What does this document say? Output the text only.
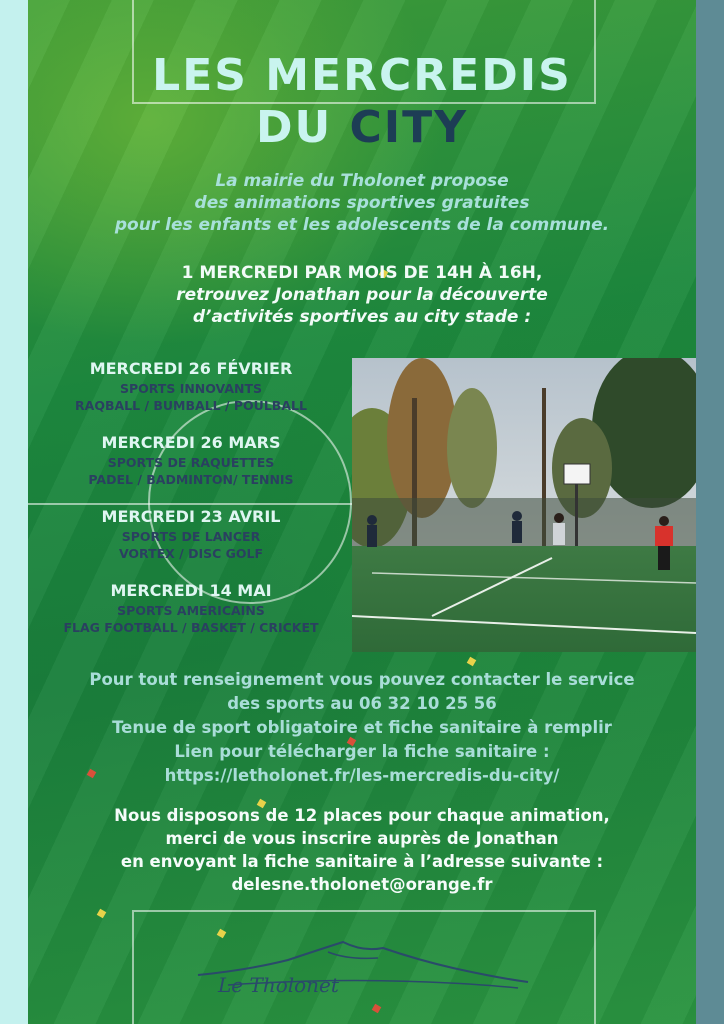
LES MERCREDIS
DU CITY
La mairie du Tholonet propose
des animations sportives gratuites
pour les enfants et les adolescents de la commune.
1 MERCREDI PAR MOIS DE 14H À 16H,
retrouvez Jonathan pour la découverte
d’activités sportives au city stade :
MERCREDI 26 FÉVRIER
SPORTS INNOVANTS
RAQBALL / BUMBALL / POULBALL
MERCREDI 26 MARS
SPORTS DE RAQUETTES
PADEL / BADMINTON/ TENNIS
MERCREDI 23 AVRIL
SPORTS DE LANCER
VORTEX / DISC GOLF
MERCREDI 14 MAI
SPORTS AMERICAINS
FLAG FOOTBALL / BASKET / CRICKET
Pour tout renseignement vous pouvez contacter le service
des sports au 06 32 10 25 56
Tenue de sport obligatoire et fiche sanitaire à remplir
Lien pour télécharger la fiche sanitaire :
https://letholonet.fr/les-mercredis-du-city/
Nous disposons de 12 places pour chaque animation,
merci de vous inscrire auprès de Jonathan
en envoyant la fiche sanitaire à l’adresse suivante :
delesne.tholonet@orange.fr
Le Tholonet
